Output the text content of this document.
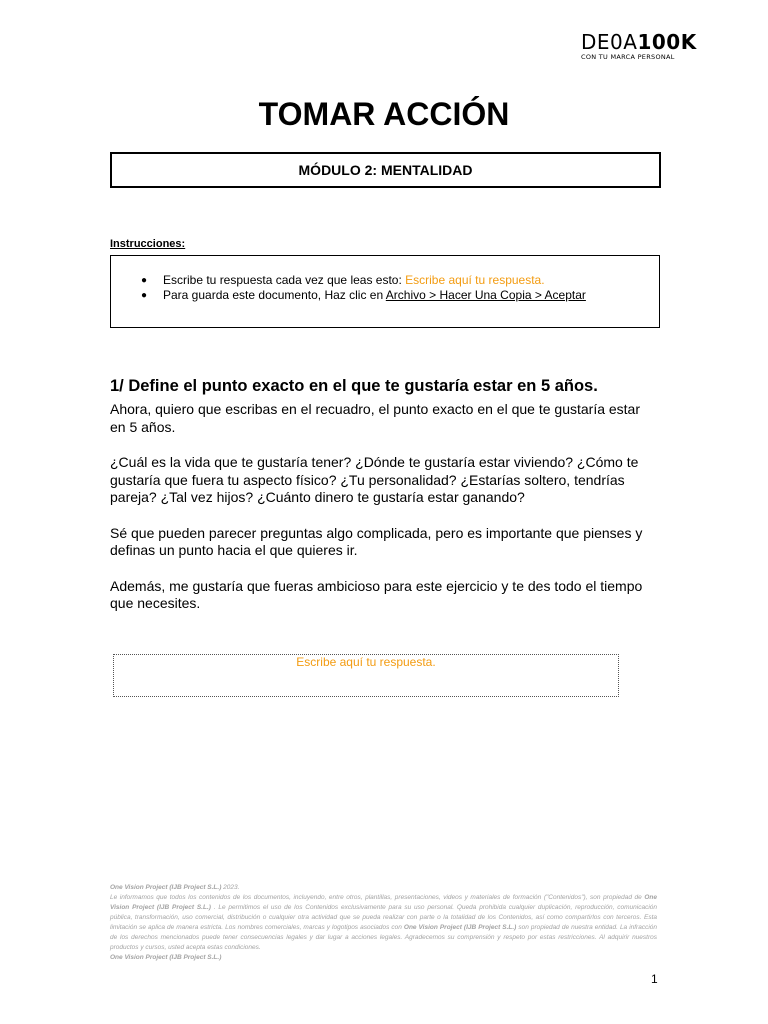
DE0A100K
CON TU MARCA PERSONAL
TOMAR ACCIÓN
MÓDULO 2: MENTALIDAD
Instrucciones:
● Escribe tu respuesta cada vez que leas esto: Escribe aquí tu respuesta.
● Para guarda este documento, Haz clic en Archivo > Hacer Una Copia > Aceptar
1/ Define el punto exacto en el que te gustaría estar en 5 años.

Ahora, quiero que escribas en el recuadro, el punto exacto en el que te gustaría estar en 5 años.

¿Cuál es la vida que te gustaría tener? ¿Dónde te gustaría estar viviendo? ¿Cómo te gustaría que fuera tu aspecto físico? ¿Tu personalidad? ¿Estarías soltero, tendrías pareja? ¿Tal vez hijos? ¿Cuánto dinero te gustaría estar ganando?

Sé que pueden parecer preguntas algo complicada, pero es importante que pienses y definas un punto hacia el que quieres ir.

Además, me gustaría que fueras ambicioso para este ejercicio y te des todo el tiempo que necesites.

Escribe aquí tu respuesta.
One Vision Project (IJB Project S.L.) 2023.
Le informamos que todos los contenidos de los documentos, incluyendo, entre otros, plantillas, presentaciones, videos y materiales de formación ("Contenidos"), son propiedad de One Vision Project (IJB Project S.L.) . Le permitimos el uso de los Contenidos exclusivamente para su uso personal. Queda prohibida cualquier duplicación, reproducción, comunicación pública, transformación, uso comercial, distribución o cualquier otra actividad que se pueda realizar con parte o la totalidad de los Contenidos, así como compartirlos con terceros. Esta limitación se aplica de manera estricta. Los nombres comerciales, marcas y logotipos asociados con One Vision Project (IJB Project S.L.) son propiedad de nuestra entidad. La infracción de los derechos mencionados puede tener consecuencias legales y dar lugar a acciones legales. Agradecemos su comprensión y respeto por estas restricciones. Al adquirir nuestros productos y cursos, usted acepta estas condiciones.
One Vision Project (IJB Project S.L.)
1
